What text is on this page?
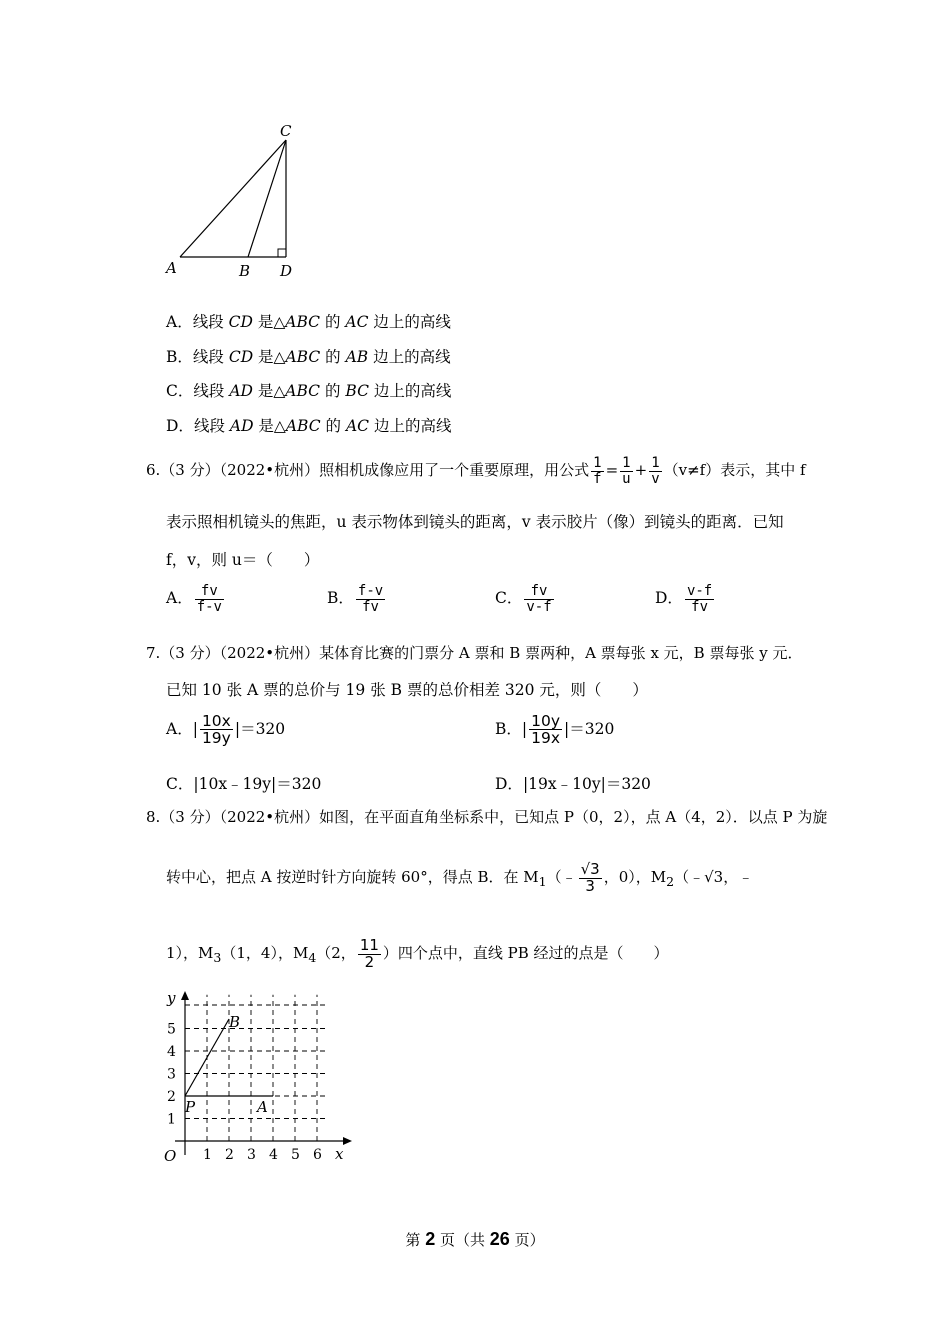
C
A	B D
A．线段 CD 是△ABC 的 AC 边上的高线
B．线段 CD 是△ABC 的 AB 边上的高线
C．线段 AD 是△ABC 的 BC 边上的高线
D．线段 AD 是△ABC 的 AC 边上的高线
6.（3 分）（2022•杭州）照相机成像应用了一个重要原理，用公式 $\frac{1}{f} = \frac{1}{u} + \frac{1}{v} (v\ne f)$表示，其中 f
表示照相机镜头的焦距，u 表示物体到镜头的距离，v 表示胶片（像）到镜头的距离．已知
f，v，则 u＝（　　）
A． $\frac{fv}{f-v}$	B． $\frac{f-v}{fv}$	C． $\frac{fv}{v-f}$	D． $\frac{v-f}{fv}$
7.（3 分）（2022•杭州）某体育比赛的门票分 A 票和 B 票两种，A 票每张 x 元，B 票每张 y 元．
已知 10 张 A 票的总价与 19 张 B 票的总价相差 320 元，则（　　）
A．| $\frac{10x}{19y} |=320$	B．| $\frac{10y}{19x} |=320$
C．|10x﹣19y|＝320	D．|19x﹣10y|＝320
8.（3 分）（2022•杭州）如图，在平面直角坐标系中，已知点 P（0，2），点 A（4，2）．以点 P 为旋
转中心，把点 A 按逆时针方向旋转 60°，得点 B．在 $M_1(﹣ \frac{√3}{3}$ ，0），$M_2(﹣√3$，﹣
1），$M_3(1$，4），$M_4(2$， $\frac{11}{2}$ ）四个点中，直线 PB 经过的点是（　　）
y
x
O
P	A
B
1 2 3 4 5 6
1
2
3
4
5
第 2 页（共 26 页）
